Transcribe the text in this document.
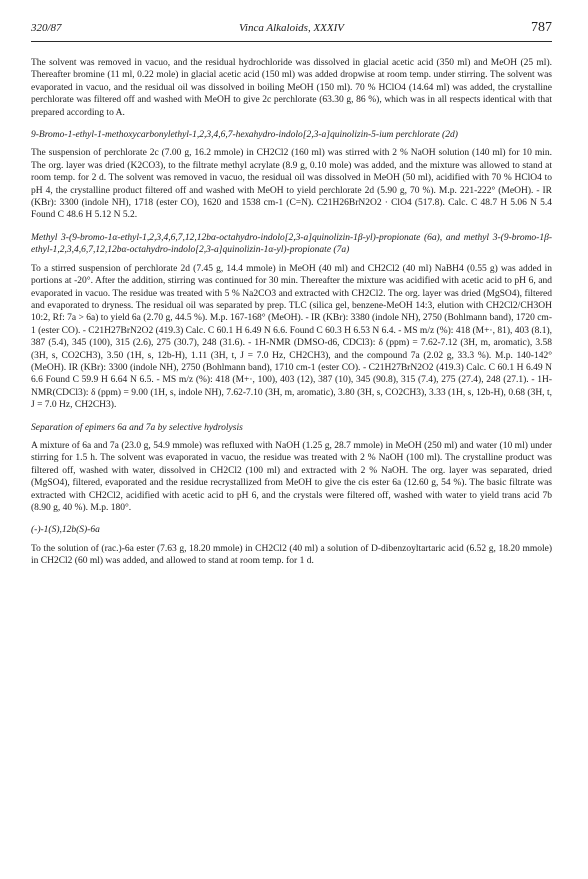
320/87	Vinca Alkaloids, XXXIV	787

The solvent was removed in vacuo, and the residual hydrochloride was dissolved in glacial acetic acid (350 ml) and MeOH (25 ml). Thereafter bromine (11 ml, 0.22 mole) in glacial acetic acid (150 ml) was added dropwise at room temp. under stirring. The solvent was evaporated in vacuo, and the residual oil was dissolved in boiling MeOH (150 ml). 70 % HClO4 (14.64 ml) was added, the crystalline perchlorate was filtered off and washed with MeOH to give 2c perchlorate (63.30 g, 86 %), which was in all respects identical with that prepared according to A.

9-Bromo-1-ethyl-1-methoxycarbonylethyl-1,2,3,4,6,7-hexahydro-indolo[2,3-a]quinolizin-5-ium perchlorate (2d)

The suspension of perchlorate 2c (7.00 g, 16.2 mmole) in CH2Cl2 (160 ml) was stirred with 2 % NaOH solution (140 ml) for 10 min. The org. layer was dried (K2CO3), to the filtrate methyl acrylate (8.9 g, 0.10 mole) was added, and the mixture was allowed to stand at room temp. for 2 d. The solvent was removed in vacuo, the residual oil was dissolved in MeOH (50 ml), acidified with 70 % HClO4 to pH 4, the crystalline product filtered off and washed with MeOH to yield perchlorate 2d (5.90 g, 70 %). M.p. 221-222° (MeOH). - IR (KBr): 3300 (indole NH), 1718 (ester CO), 1620 and 1538 cm-1 (C=N). C21H26BrN2O2 · ClO4 (517.8). Calc. C 48.7 H 5.06 N 5.4 Found C 48.6 H 5.12 N 5.2.

Methyl 3-(9-bromo-1α-ethyl-1,2,3,4,6,7,12,12bα-octahydro-indolo[2,3-a]quinolizin-1β-yl)-propionate (6a), and methyl 3-(9-bromo-1β-ethyl-1,2,3,4,6,7,12,12bα-octahydro-indolo[2,3-a]quinolizin-1α-yl)-propionate (7a)

To a stirred suspension of perchlorate 2d (7.45 g, 14.4 mmole) in MeOH (40 ml) and CH2Cl2 (40 ml) NaBH4 (0.55 g) was added in portions at -20°. After the addition, stirring was continued for 30 min. Thereafter the mixture was acidified with acetic acid to pH 6, and evaporated in vacuo. The residue was treated with 5 % Na2CO3 and extracted with CH2Cl2. The org. layer was dried (MgSO4), filtered and evaporated to dryness. The residual oil was separated by prep. TLC (silica gel, benzene-MeOH 14:3, elution with CH2Cl2/CH3OH 10:2, Rf: 7a > 6a) to yield 6a (2.70 g, 44.5 %). M.p. 167-168° (MeOH). - IR (KBr): 3380 (indole NH), 2750 (Bohlmann band), 1720 cm-1 (ester CO). - C21H27BrN2O2 (419.3) Calc. C 60.1 H 6.49 N 6.6. Found C 60.3 H 6.53 N 6.4. - MS m/z (%): 418 (M+·, 81), 403 (8.1), 387 (5.4), 345 (100), 315 (2.6), 275 (30.7), 248 (31.6). - 1H-NMR (DMSO-d6, CDCl3): δ (ppm) = 7.62-7.12 (3H, m, aromatic), 3.58 (3H, s, CO2CH3), 3.50 (1H, s, 12b-H), 1.11 (3H, t, J = 7.0 Hz, CH2CH3), and the compound 7a (2.02 g, 33.3 %). M.p. 140-142° (MeOH). IR (KBr): 3300 (indole NH), 2750 (Bohlmann band), 1710 cm-1 (ester CO). - C21H27BrN2O2 (419.3) Calc. C 60.1 H 6.49 N 6.6 Found C 59.9 H 6.64 N 6.5. - MS m/z (%): 418 (M+·, 100), 403 (12), 387 (10), 345 (90.8), 315 (7.4), 275 (27.4), 248 (27.1). - 1H-NMR(CDCl3): δ (ppm) = 9.00 (1H, s, indole NH), 7.62-7.10 (3H, m, aromatic), 3.80 (3H, s, CO2CH3), 3.33 (1H, s, 12b-H), 0.68 (3H, t, J = 7.0 Hz, CH2CH3).

Separation of epimers 6a and 7a by selective hydrolysis

A mixture of 6a and 7a (23.0 g, 54.9 mmole) was refluxed with NaOH (1.25 g, 28.7 mmole) in MeOH (250 ml) and water (10 ml) under stirring for 1.5 h. The solvent was evaporated in vacuo, the residue was treated with 2 % NaOH (100 ml). The crystalline product was filtered off, washed with water, dissolved in CH2Cl2 (100 ml) and extracted with 2 % NaOH. The org. layer was separated, dried (MgSO4), filtered, evaporated and the residue recrystallized from MeOH to give the cis ester 6a (12.60 g, 54 %). The basic filtrate was extracted with CH2Cl2, acidified with acetic acid to pH 6, and the crystals were filtered off, washed with water to yield trans acid 7b (8.90 g, 40 %). M.p. 180°.

(-)-1(S),12b(S)-6a

To the solution of (rac.)-6a ester (7.63 g, 18.20 mmole) in CH2Cl2 (40 ml) a solution of D-dibenzoyltartaric acid (6.52 g, 18.20 mmole) in CH2Cl2 (60 ml) was added, and allowed to stand at room temp. for 1 d.
